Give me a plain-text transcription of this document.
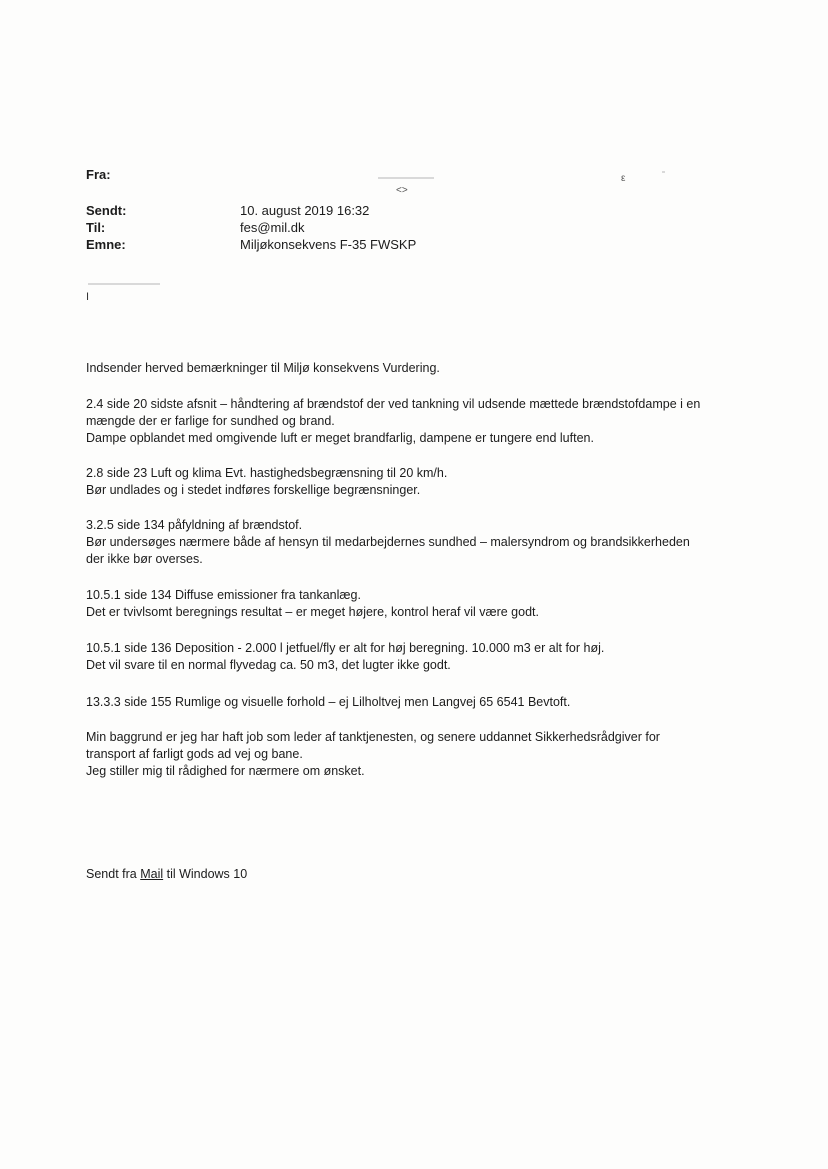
<>
ε
I
Fra:
Sendt:	10. august 2019 16:32
Til:	fes@mil.dk
Emne:	Miljøkonsekvens F-35 FWSKP

Indsender herved bemærkninger til Miljø konsekvens Vurdering.

2.4 side 20 sidste afsnit – håndtering af brændstof der ved tankning vil udsende mættede brændstofdampe i en

mængde der er farlige for sundhed og brand.

Dampe opblandet med omgivende luft er meget brandfarlig, dampene er tungere end luften.

2.8 side 23 Luft og klima Evt. hastighedsbegrænsning til 20 km/h.

Bør undlades og i stedet indføres forskellige begrænsninger.

3.2.5 side 134 påfyldning af brændstof.

Bør undersøges nærmere både af hensyn til medarbejdernes sundhed – malersyndrom og brandsikkerheden

der ikke bør overses.

10.5.1 side 134 Diffuse emissioner fra tankanlæg.

Det er tvivlsomt beregnings resultat – er meget højere, kontrol heraf vil være godt.

10.5.1 side 136 Deposition - 2.000 l jetfuel/fly er alt for høj beregning. 10.000 m3 er alt for høj.

Det vil svare til en normal flyvedag ca. 50 m3, det lugter ikke godt.

13.3.3 side 155 Rumlige og visuelle forhold – ej Lilholtvej men Langvej 65 6541 Bevtoft.

Min baggrund er jeg har haft job som leder af tanktjenesten, og senere uddannet Sikkerhedsrådgiver for

transport af farligt gods ad vej og bane.

Jeg stiller mig til rådighed for nærmere om ønsket.

Sendt fra Mail til Windows 10
